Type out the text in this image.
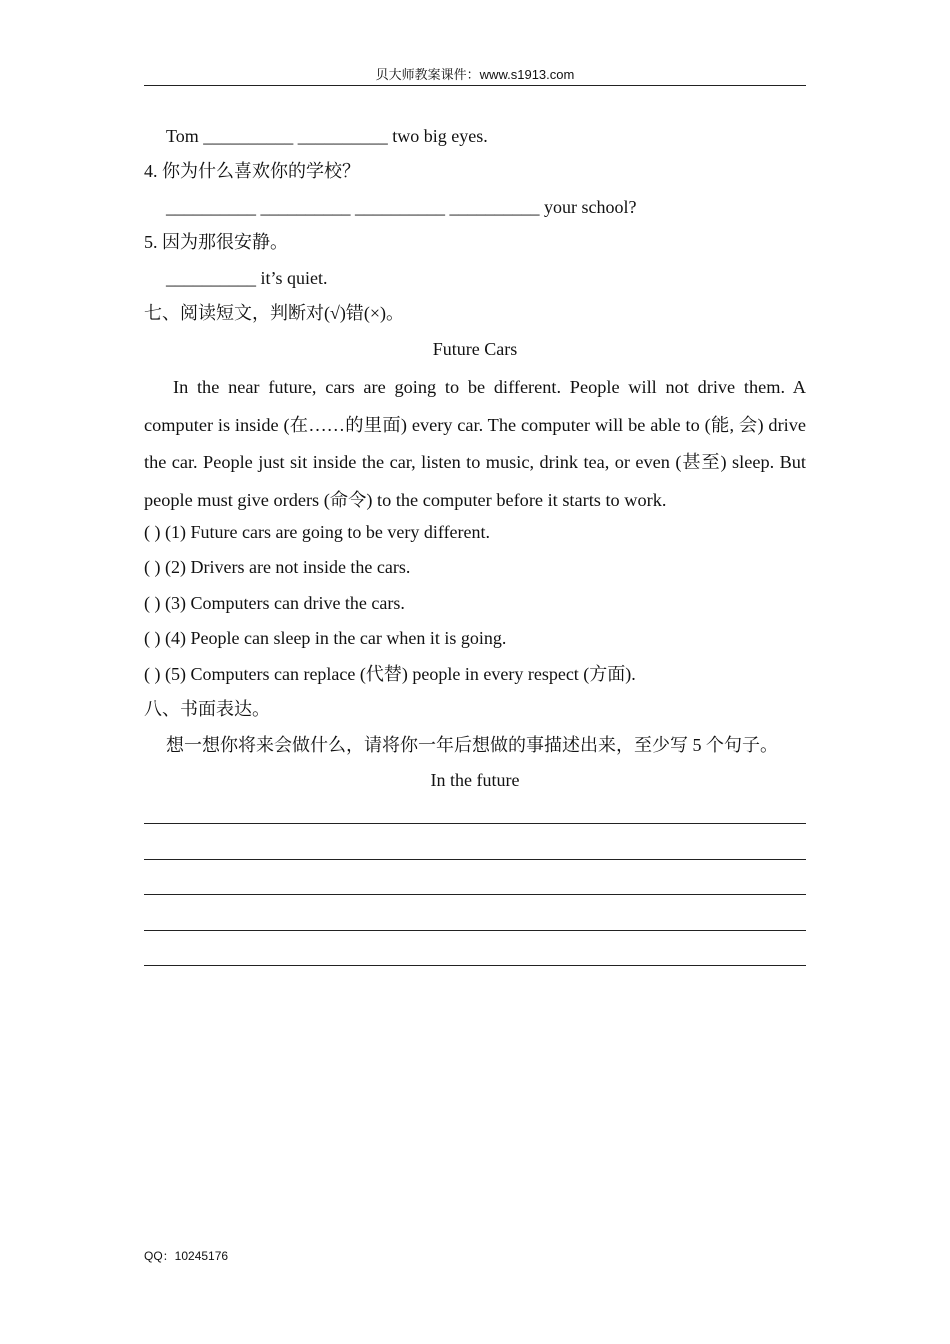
贝大师教案课件：www.s1913.com
Tom __________ __________ two big eyes.
4. 你为什么喜欢你的学校？
__________ __________ __________ __________ your school?
5. 因为那很安静。
__________ it’s quiet.
七、阅读短文，判断对(√)错(×)。
Future Cars
In the near future, cars are going to be different. People will not drive them. A computer is inside (在……的里面) every car. The computer will be able to (能, 会) drive the car. People just sit inside the car, listen to music, drink tea, or even (甚至) sleep. But people must give orders (命令) to the computer before it starts to work.
( ) (1) Future cars are going to be very different.
( ) (2) Drivers are not inside the cars.
( ) (3) Computers can drive the cars.
( ) (4) People can sleep in the car when it is going.
( ) (5) Computers can replace (代替) people in every respect (方面).
八、书面表达。
想一想你将来会做什么，请将你一年后想做的事描述出来，至少写 5 个句子。
In the future
QQ：10245176
